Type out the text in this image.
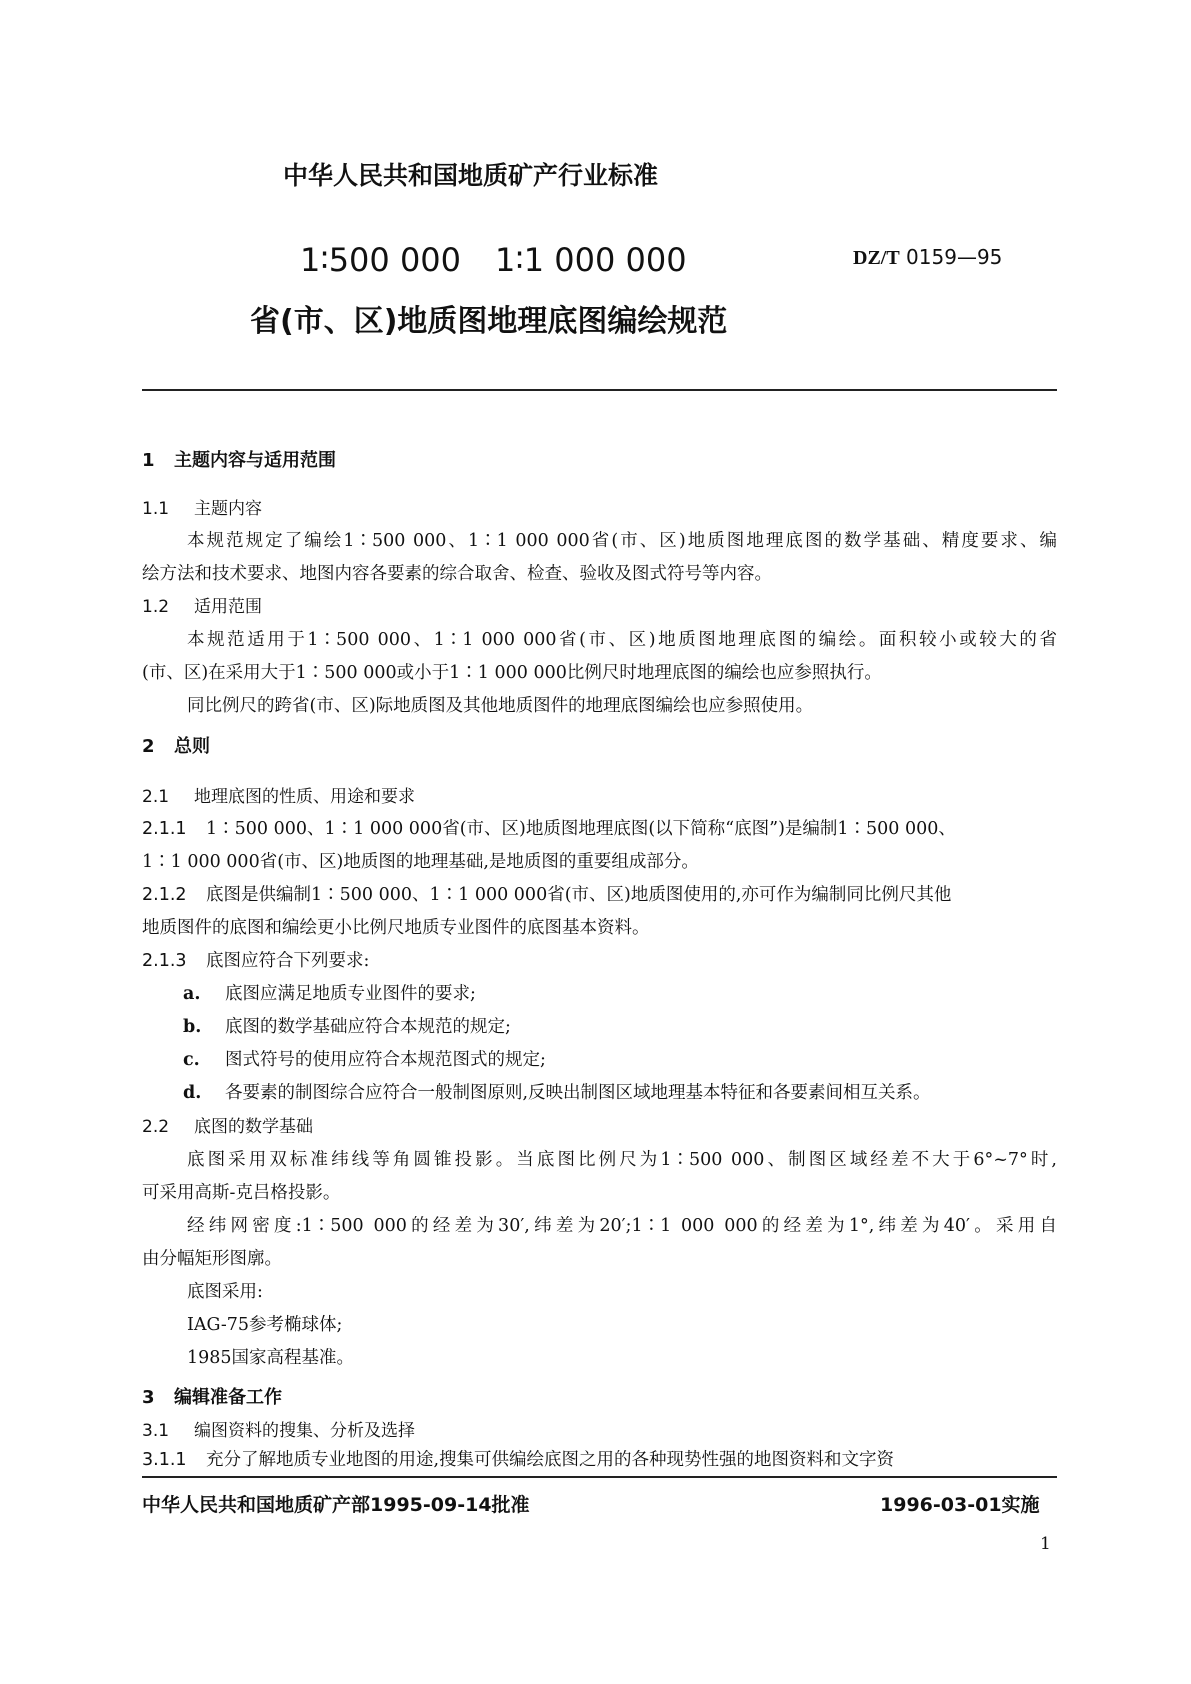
中华人民共和国地质矿产行业标准
1∶500 000 1∶1 000 000	DZ/T 0159—95
省(市、区)地质图地理底图编绘规范
1 主题内容与适用范围
1.1 主题内容
本规范规定了编绘1∶500 000、1∶1 000 000省(市、区)地质图地理底图的数学基础、精度要求、编
绘方法和技术要求、地图内容各要素的综合取舍、检查、验收及图式符号等内容。
1.2 适用范围
本规范适用于1∶500 000、1∶1 000 000省(市、区)地质图地理底图的编绘。面积较小或较大的省
(市、区)在采用大于1∶500 000或小于1∶1 000 000比例尺时地理底图的编绘也应参照执行。
同比例尺的跨省(市、区)际地质图及其他地质图件的地理底图编绘也应参照使用。
2 总则
2.1 地理底图的性质、用途和要求
2.1.1 1∶500 000、1∶1 000 000省(市、区)地质图地理底图(以下简称“底图”)是编制1∶500 000、
1∶1 000 000省(市、区)地质图的地理基础,是地质图的重要组成部分。
2.1.2 底图是供编制1∶500 000、1∶1 000 000省(市、区)地质图使用的,亦可作为编制同比例尺其他
地质图件的底图和编绘更小比例尺地质专业图件的底图基本资料。
2.1.3 底图应符合下列要求:
a. 底图应满足地质专业图件的要求;
b. 底图的数学基础应符合本规范的规定;
c. 图式符号的使用应符合本规范图式的规定;
d. 各要素的制图综合应符合一般制图原则,反映出制图区域地理基本特征和各要素间相互关系。
2.2 底图的数学基础
底图采用双标准纬线等角圆锥投影。当底图比例尺为1∶500 000、制图区域经差不大于6°~7°时,
可采用高斯-克吕格投影。
经纬网密度:1∶500 000的经差为30′,纬差为20′;1∶1 000 000的经差为1°,纬差为40′。采用自
由分幅矩形图廓。
底图采用:
IAG-75参考椭球体;
1985国家高程基准。
3 编辑准备工作
3.1 编图资料的搜集、分析及选择
3.1.1 充分了解地质专业地图的用途,搜集可供编绘底图之用的各种现势性强的地图资料和文字资
中华人民共和国地质矿产部1995-09-14批准	1996-03-01实施
1
